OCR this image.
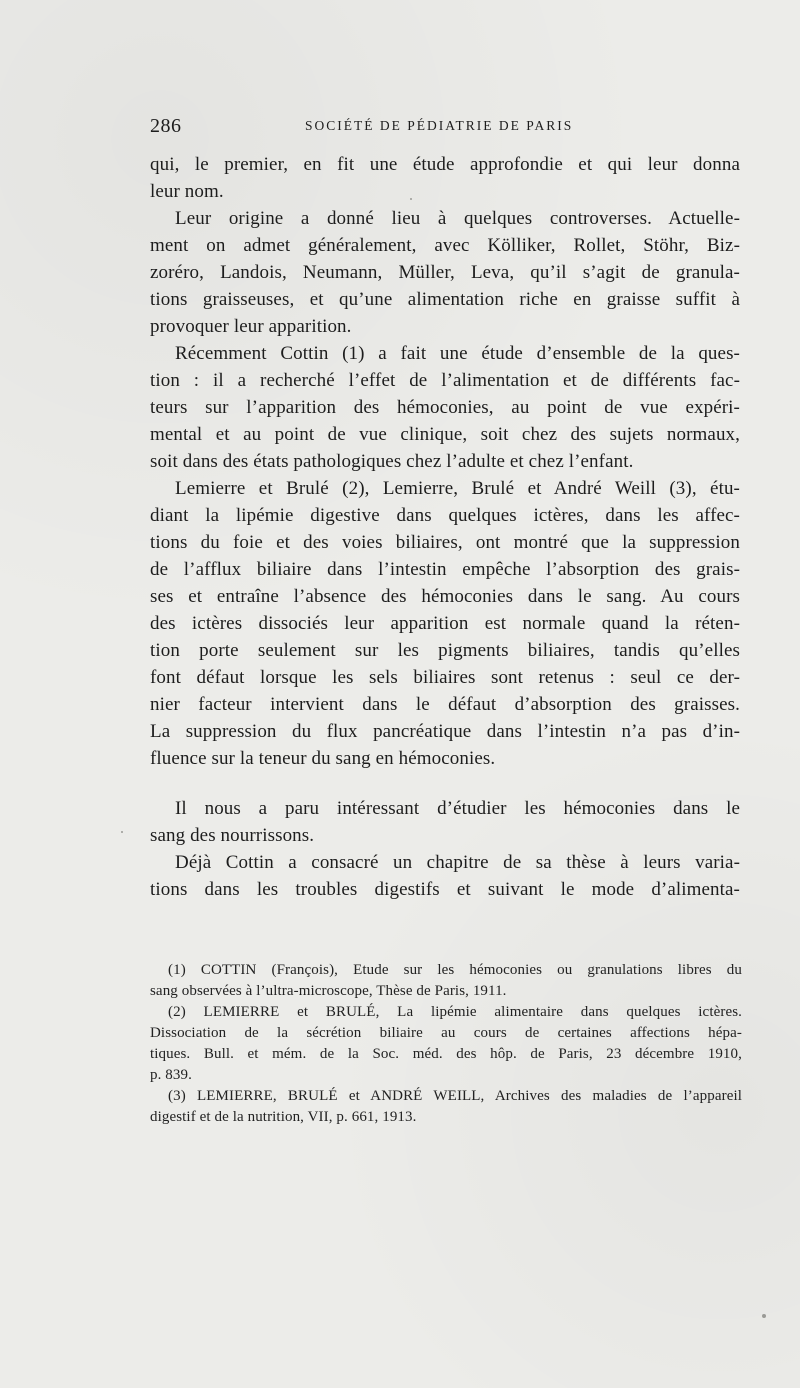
286	SOCIÉTÉ DE PÉDIATRIE DE PARIS
qui, le premier, en fit une étude approfondie et qui leur donna
leur nom.
Leur origine a donné lieu à quelques controverses. Actuelle-
ment on admet généralement, avec Kölliker, Rollet, Stöhr, Biz-
zoréro, Landois, Neumann, Müller, Leva, qu’il s’agit de granula-
tions graisseuses, et qu’une alimentation riche en graisse suffit à
provoquer leur apparition.
Récemment Cottin (1) a fait une étude d’ensemble de la ques-
tion : il a recherché l’effet de l’alimentation et de différents fac-
teurs sur l’apparition des hémoconies, au point de vue expéri-
mental et au point de vue clinique, soit chez des sujets normaux,
soit dans des états pathologiques chez l’adulte et chez l’enfant.
Lemierre et Brulé (2), Lemierre, Brulé et André Weill (3), étu-
diant la lipémie digestive dans quelques ictères, dans les affec-
tions du foie et des voies biliaires, ont montré que la suppression
de l’afflux biliaire dans l’intestin empêche l’absorption des grais-
ses et entraîne l’absence des hémoconies dans le sang. Au cours
des ictères dissociés leur apparition est normale quand la réten-
tion porte seulement sur les pigments biliaires, tandis qu’elles
font défaut lorsque les sels biliaires sont retenus : seul ce der-
nier facteur intervient dans le défaut d’absorption des graisses.
La suppression du flux pancréatique dans l’intestin n’a pas d’in-
fluence sur la teneur du sang en hémoconies.
Il nous a paru intéressant d’étudier les hémoconies dans le
sang des nourrissons.
Déjà Cottin a consacré un chapitre de sa thèse à leurs varia-
tions dans les troubles digestifs et suivant le mode d’alimenta-
(1) COTTIN (François), Etude sur les hémoconies ou granulations libres du
sang observées à l’ultra-microscope, Thèse de Paris, 1911.
(2) LEMIERRE et BRULÉ, La lipémie alimentaire dans quelques ictères.
Dissociation de la sécrétion biliaire au cours de certaines affections hépa-
tiques. Bull. et mém. de la Soc. méd. des hôp. de Paris, 23 décembre 1910,
p. 839.
(3) LEMIERRE, BRULÉ et ANDRÉ WEILL, Archives des maladies de l’appareil
digestif et de la nutrition, VII, p. 661, 1913.
